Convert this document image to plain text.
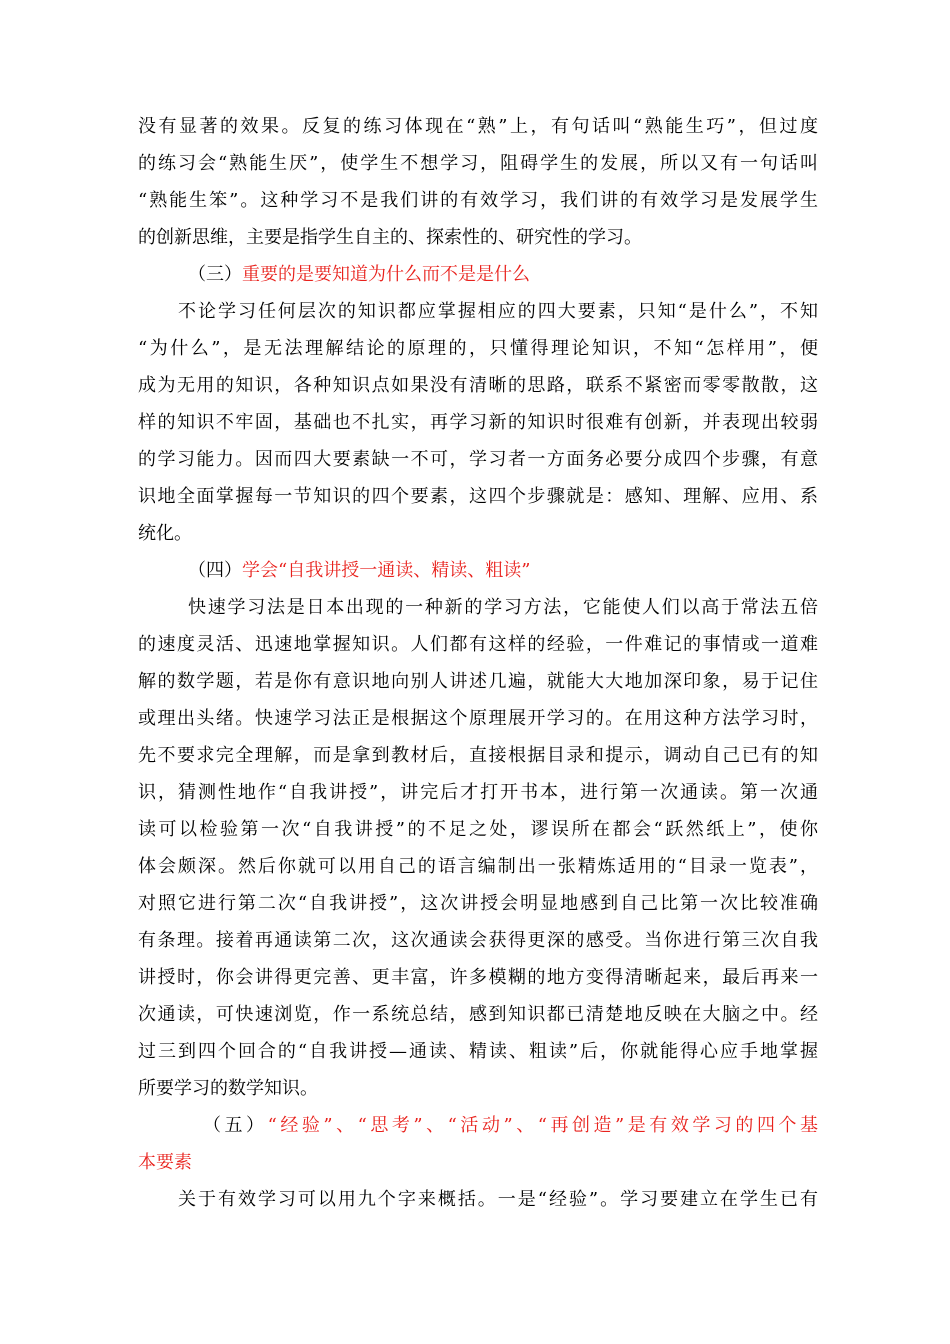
没有显著的效果。反复的练习体现在“熟”上，有句话叫“熟能生巧”，但过度
的练习会“熟能生厌”，使学生不想学习，阻碍学生的发展，所以又有一句话叫
“熟能生笨”。这种学习不是我们讲的有效学习，我们讲的有效学习是发展学生
的创新思维，主要是指学生自主的、探索性的、研究性的学习。

（三）重要的是要知道为什么而不是是什么

不论学习任何层次的知识都应掌握相应的四大要素，只知“是什么”，不知
“为什么”，是无法理解结论的原理的，只懂得理论知识，不知“怎样用”，便
成为无用的知识，各种知识点如果没有清晰的思路，联系不紧密而零零散散，这
样的知识不牢固，基础也不扎实，再学习新的知识时很难有创新，并表现出较弱
的学习能力。因而四大要素缺一不可，学习者一方面务必要分成四个步骤，有意
识地全面掌握每一节知识的四个要素，这四个步骤就是：感知、理解、应用、系
统化。

（四）学会“自我讲授一通读、精读、粗读”

快速学习法是日本出现的一种新的学习方法，它能使人们以高于常法五倍
的速度灵活、迅速地掌握知识。人们都有这样的经验，一件难记的事情或一道难
解的数学题，若是你有意识地向别人讲述几遍，就能大大地加深印象，易于记住
或理出头绪。快速学习法正是根据这个原理展开学习的。在用这种方法学习时，
先不要求完全理解，而是拿到教材后，直接根据目录和提示，调动自己已有的知
识，猜测性地作“自我讲授”，讲完后才打开书本，进行第一次通读。第一次通
读可以检验第一次“自我讲授”的不足之处，谬误所在都会“跃然纸上”，使你
体会颇深。然后你就可以用自己的语言编制出一张精炼适用的“目录一览表”，
对照它进行第二次“自我讲授”，这次讲授会明显地感到自己比第一次比较准确
有条理。接着再通读第二次，这次通读会获得更深的感受。当你进行第三次自我
讲授时，你会讲得更完善、更丰富，许多模糊的地方变得清晰起来，最后再来一
次通读，可快速浏览，作一系统总结，感到知识都已清楚地反映在大脑之中。经
过三到四个回合的“自我讲授—通读、精读、粗读”后，你就能得心应手地掌握
所要学习的数学知识。

（五）“经验”、“思考”、“活动”、“再创造”是有效学习的四个基
本要素

关于有效学习可以用九个字来概括。一是“经验”。学习要建立在学生已有
